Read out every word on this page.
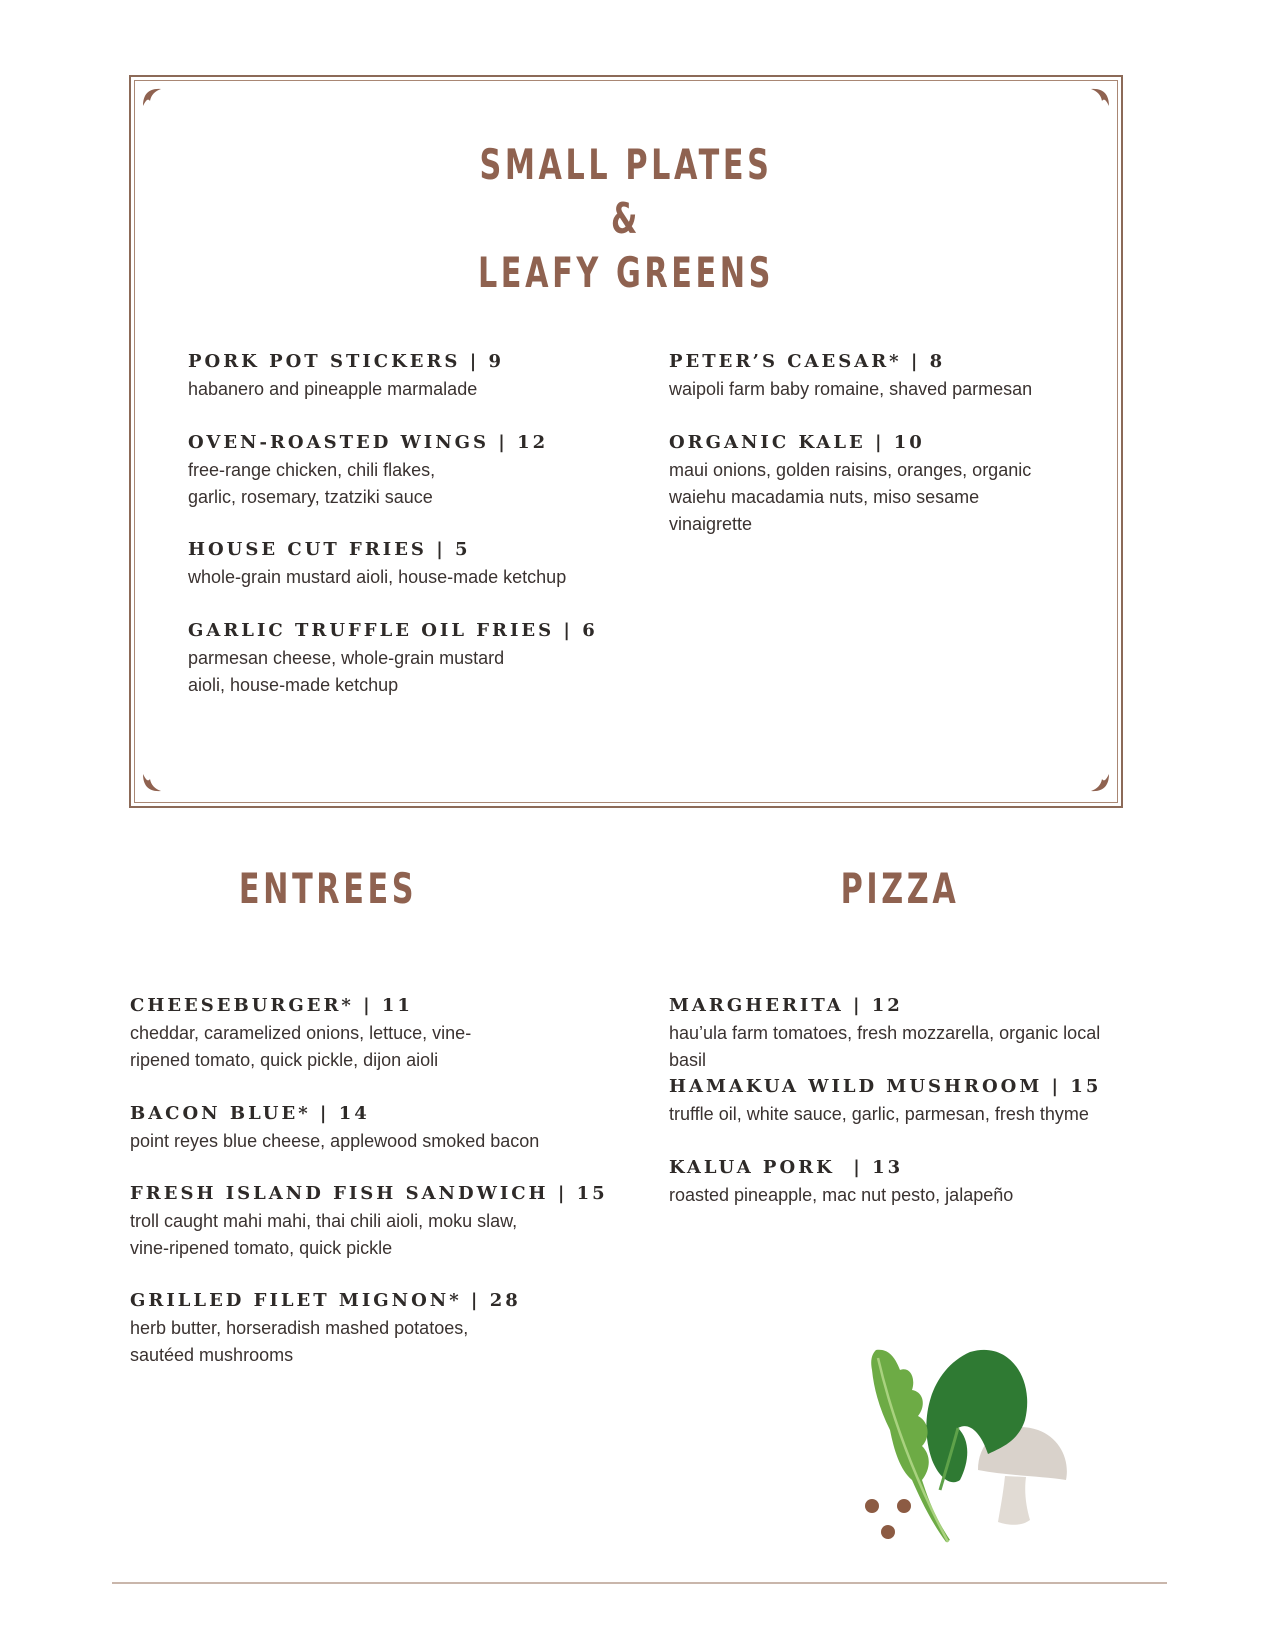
SMALL PLATES
&
LEAFY GREENS
PORK POT STICKERS | 9
habanero and pineapple marmalade
OVEN-ROASTED WINGS | 12
free-range chicken, chili flakes, garlic, rosemary, tzatziki sauce
HOUSE CUT FRIES | 5
whole-grain mustard aioli, house-made ketchup
GARLIC TRUFFLE OIL FRIES | 6
parmesan cheese, whole-grain mustard aioli, house-made ketchup
PETER’S CAESAR* | 8
waipoli farm baby romaine, shaved parmesan
ORGANIC KALE | 10
maui onions, golden raisins, oranges, organic waiehu macadamia nuts, miso sesame vinaigrette
ENTREES
CHEESEBURGER* | 11
cheddar, caramelized onions, lettuce, vine-ripened tomato, quick pickle, dijon aioli
BACON BLUE* | 14
point reyes blue cheese, applewood smoked bacon
FRESH ISLAND FISH SANDWICH | 15
troll caught mahi mahi, thai chili aioli, moku slaw, vine-ripened tomato, quick pickle
GRILLED FILET MIGNON* | 28
herb butter, horseradish mashed potatoes, sautéed mushrooms
PIZZA
MARGHERITA | 12
hau’ula farm tomatoes, fresh mozzarella, organic local basil
HAMAKUA WILD MUSHROOM | 15
truffle oil, white sauce, garlic, parmesan, fresh thyme
KALUA PORK  | 13
roasted pineapple, mac nut pesto, jalapeño
